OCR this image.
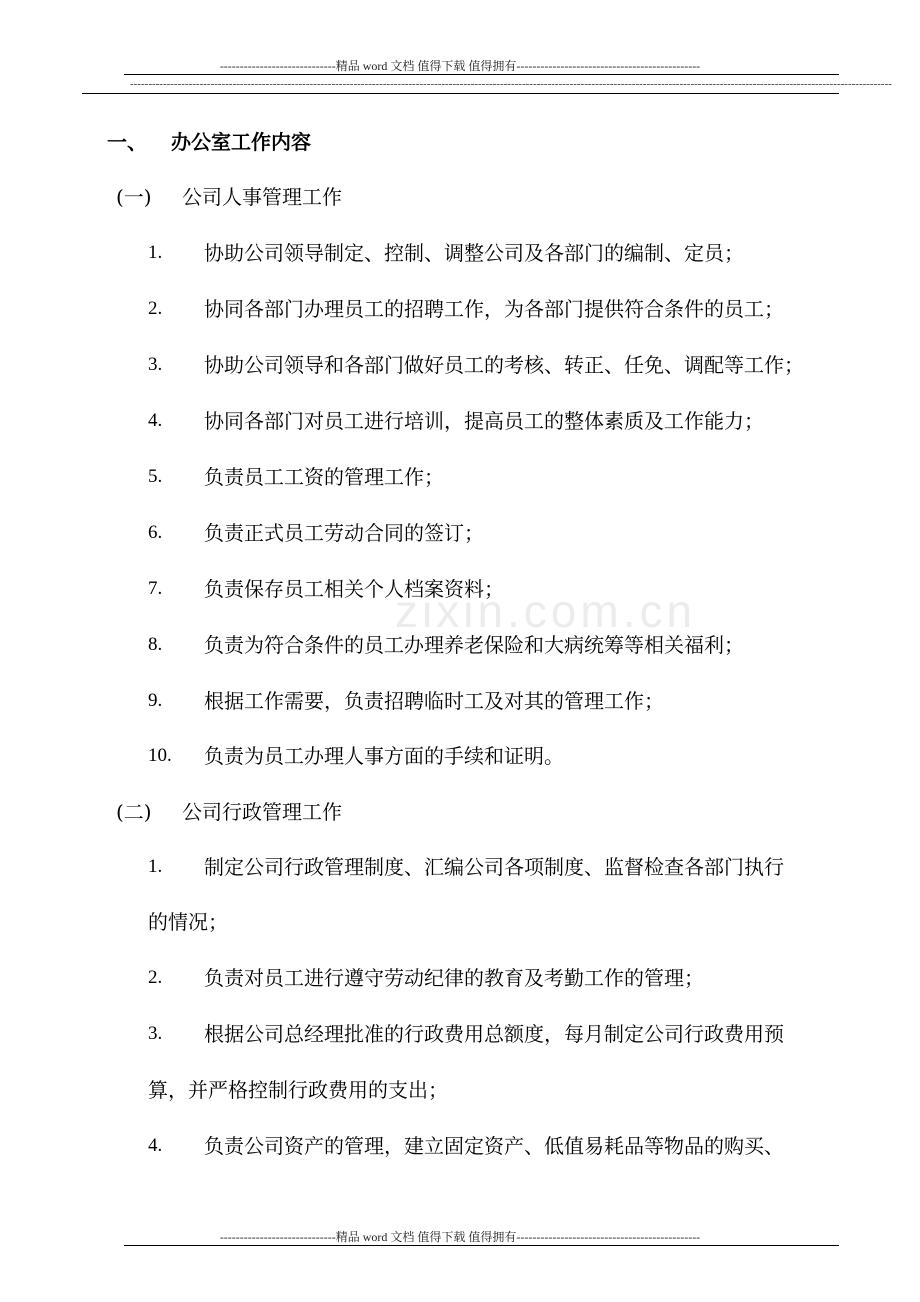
-----------------------------精品 word 文档 值得下载 值得拥有----------------------------------------------
----------------------------------------------------------------------------------------------------------------------------------------------------------------------------------------------------------------
zixin.com.cn
一、 办公室工作内容
(一) 公司人事管理工作
1. 协助公司领导制定、控制、调整公司及各部门的编制、定员；
2. 协同各部门办理员工的招聘工作，为各部门提供符合条件的员工；
3. 协助公司领导和各部门做好员工的考核、转正、任免、调配等工作；
4. 协同各部门对员工进行培训，提高员工的整体素质及工作能力；
5. 负责员工工资的管理工作；
6. 负责正式员工劳动合同的签订；
7. 负责保存员工相关个人档案资料；
8. 负责为符合条件的员工办理养老保险和大病统筹等相关福利；
9. 根据工作需要，负责招聘临时工及对其的管理工作；
10. 负责为员工办理人事方面的手续和证明。
(二) 公司行政管理工作
1. 制定公司行政管理制度、汇编公司各项制度、监督检查各部门执行
的情况；
2. 负责对员工进行遵守劳动纪律的教育及考勤工作的管理；
3. 根据公司总经理批准的行政费用总额度，每月制定公司行政费用预
算，并严格控制行政费用的支出；
4. 负责公司资产的管理，建立固定资产、低值易耗品等物品的购买、
-----------------------------精品 word 文档 值得下载 值得拥有----------------------------------------------
